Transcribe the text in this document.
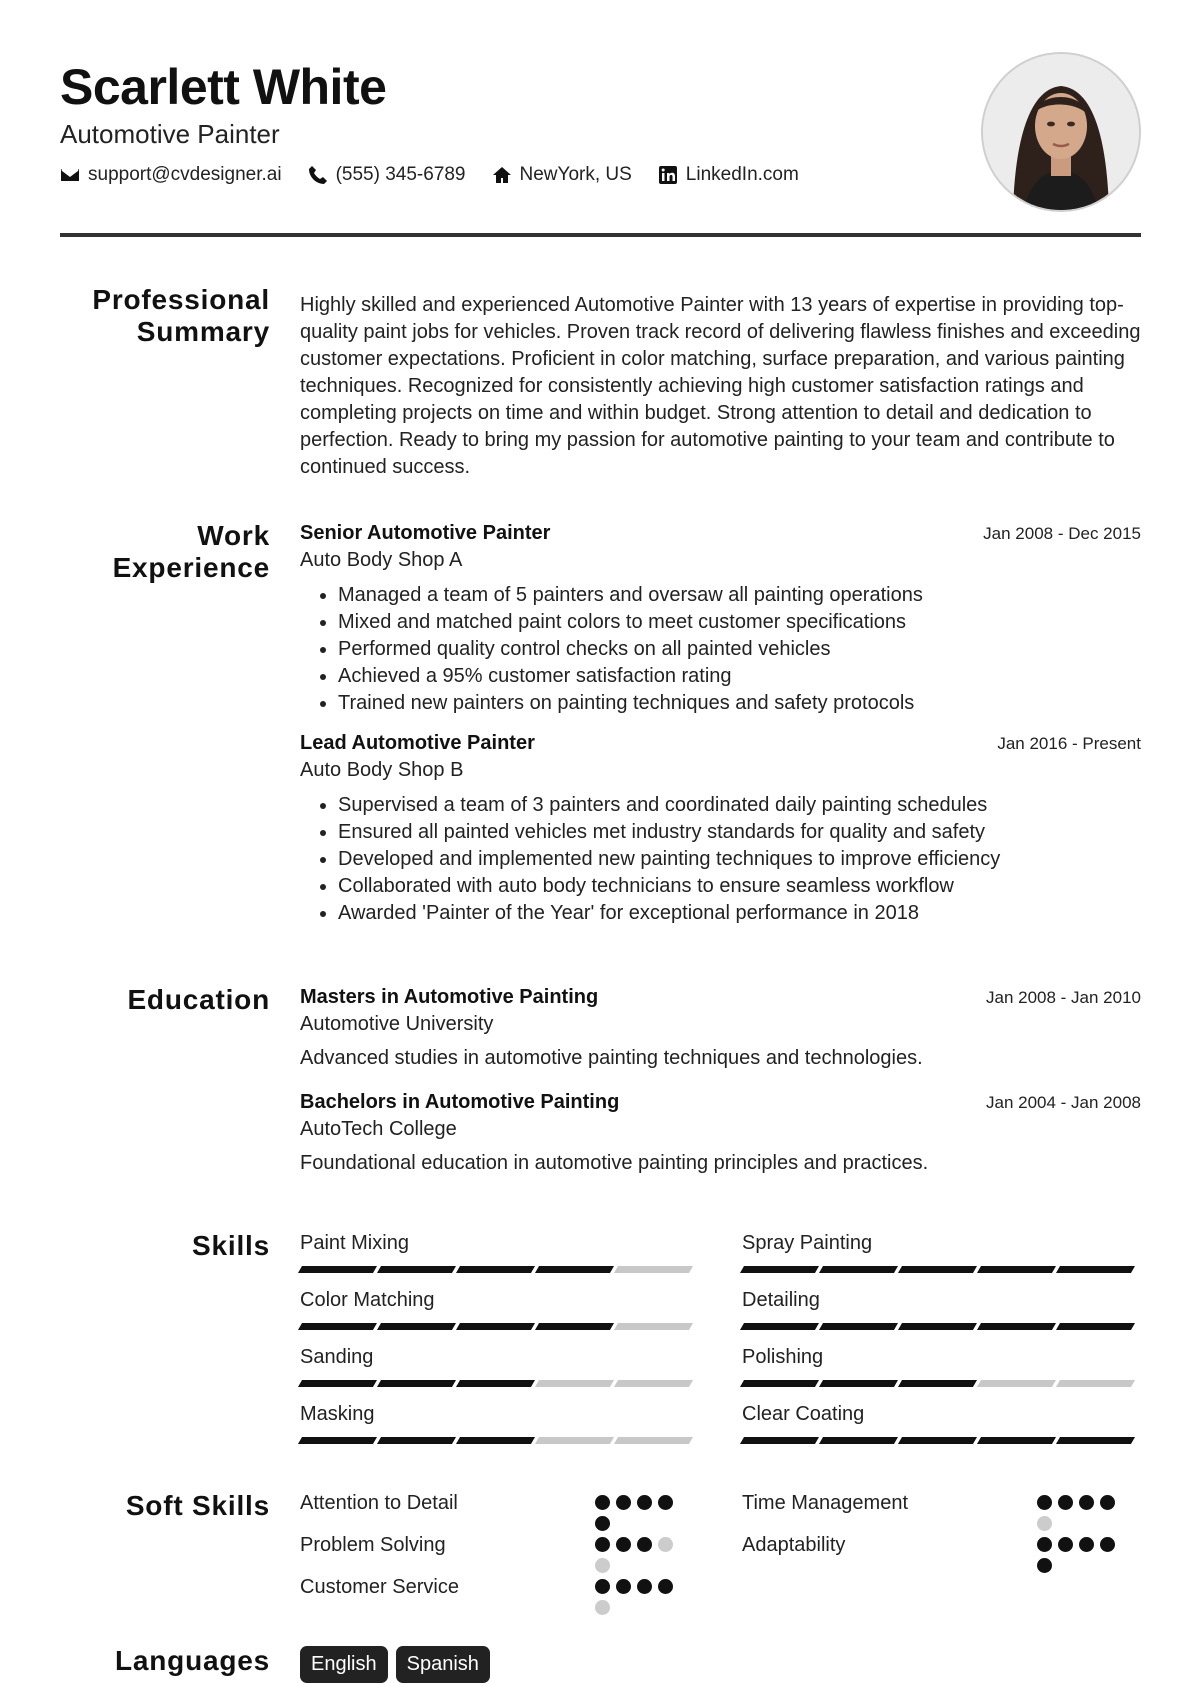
Scarlett White
Automotive Painter
support@cvdesigner.ai	(555) 345-6789	NewYork, US	LinkedIn.com
Professional
Summary
Highly skilled and experienced Automotive Painter with 13 years of expertise in providing top-quality paint jobs for vehicles. Proven track record of delivering flawless finishes and exceeding customer expectations. Proficient in color matching, surface preparation, and various painting techniques. Recognized for consistently achieving high customer satisfaction ratings and completing projects on time and within budget. Strong attention to detail and dedication to perfection. Ready to bring my passion for automotive painting to your team and contribute to continued success.
Work
Experience
Senior Automotive Painter	Jan 2008 - Dec 2015
Auto Body Shop A
• Managed a team of 5 painters and oversaw all painting operations
• Mixed and matched paint colors to meet customer specifications
• Performed quality control checks on all painted vehicles
• Achieved a 95% customer satisfaction rating
• Trained new painters on painting techniques and safety protocols
Lead Automotive Painter	Jan 2016 - Present
Auto Body Shop B
• Supervised a team of 3 painters and coordinated daily painting schedules
• Ensured all painted vehicles met industry standards for quality and safety
• Developed and implemented new painting techniques to improve efficiency
• Collaborated with auto body technicians to ensure seamless workflow
• Awarded 'Painter of the Year' for exceptional performance in 2018
Education Masters in Automotive Painting	Jan 2008 - Jan 2010
Automotive University
Advanced studies in automotive painting techniques and technologies.
Bachelors in Automotive Painting	Jan 2004 - Jan 2008
AutoTech College
Foundational education in automotive painting principles and practices.
Skills Paint Mixing	Spray Painting
Color Matching	Detailing
Sanding	Polishing
Masking	Clear Coating
Soft Skills Attention to Detail	Time Management
Problem Solving	Adaptability
Customer Service
Languages	English	Spanish
